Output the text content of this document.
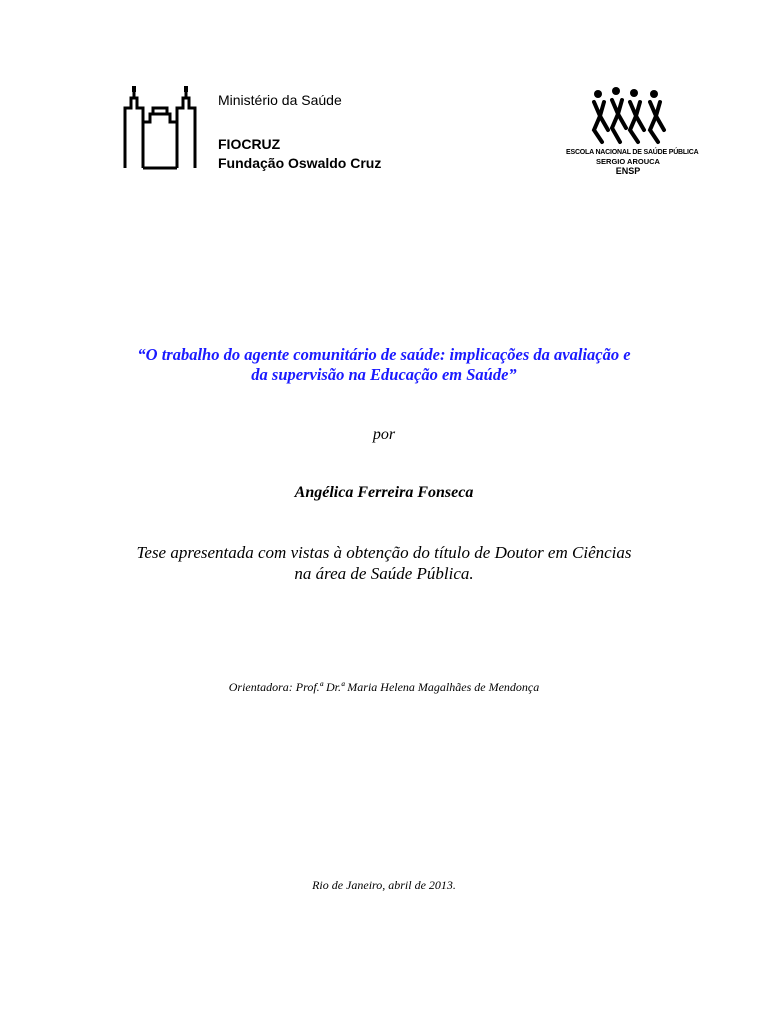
Ministério da Saúde
FIOCRUZ
Fundação Oswaldo Cruz
ESCOLA NACIONAL DE SAÚDE PÚBLICA
SERGIO AROUCA
ENSP
“O trabalho do agente comunitário de saúde: implicações da avaliação e
da supervisão na Educação em Saúde”
por
Angélica Ferreira Fonseca
Tese apresentada com vistas à obtenção do título de Doutor em Ciências
na área de Saúde Pública.
Orientadora: Prof.ª Dr.ª Maria Helena Magalhães de Mendonça
Rio de Janeiro, abril de 2013.
